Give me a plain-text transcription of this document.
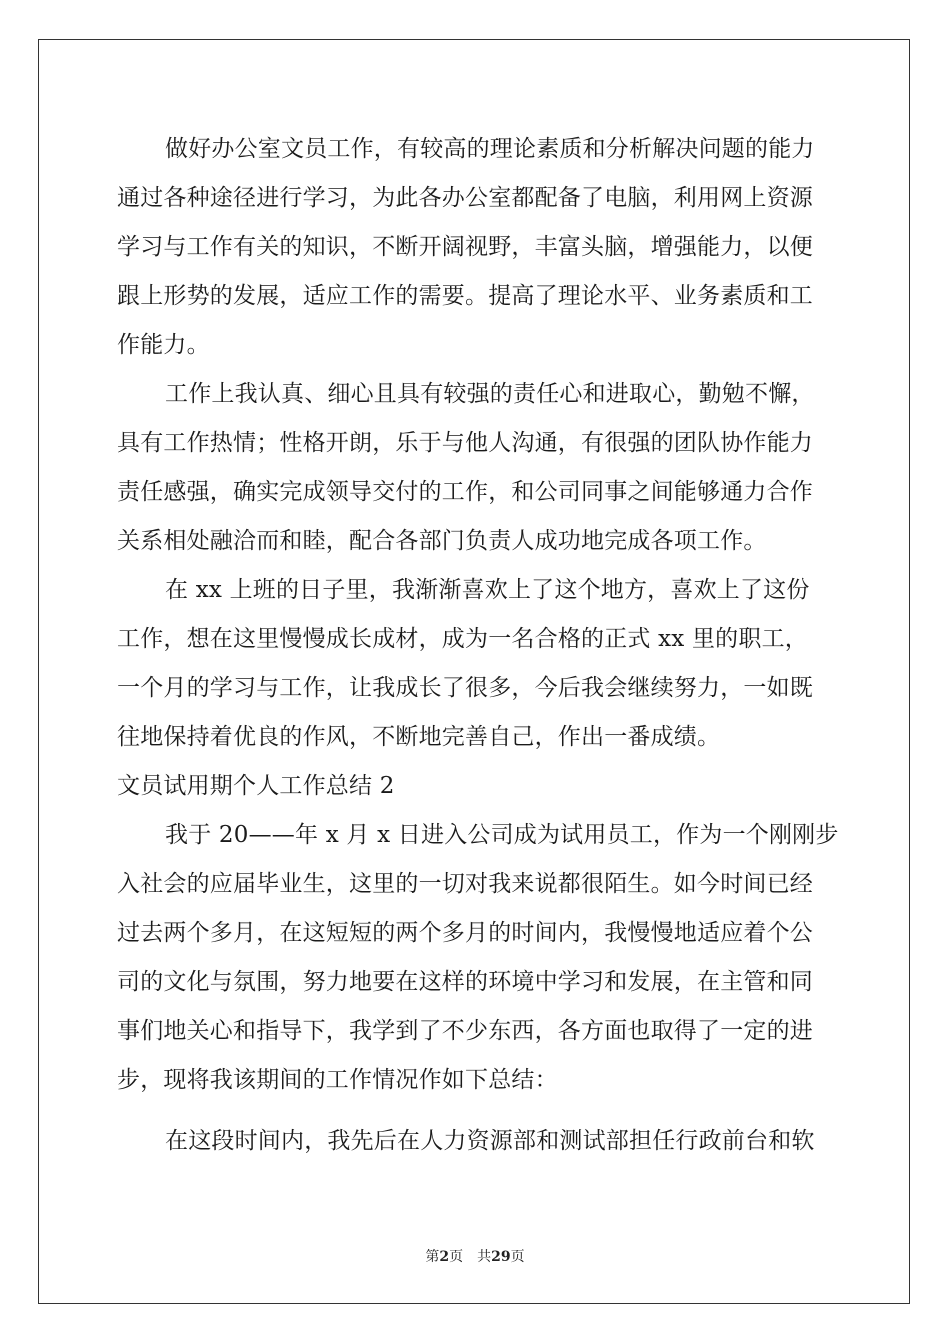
做好办公室文员工作，有较高的理论素质和分析解决问题的能力
通过各种途径进行学习，为此各办公室都配备了电脑，利用网上资源
学习与工作有关的知识，不断开阔视野，丰富头脑，增强能力，以便
跟上形势的发展，适应工作的需要。提高了理论水平、业务素质和工
作能力。
工作上我认真、细心且具有较强的责任心和进取心，勤勉不懈，
具有工作热情；性格开朗，乐于与他人沟通，有很强的团队协作能力
责任感强，确实完成领导交付的工作，和公司同事之间能够通力合作
关系相处融洽而和睦，配合各部门负责人成功地完成各项工作。
在 xx 上班的日子里，我渐渐喜欢上了这个地方，喜欢上了这份
工作，想在这里慢慢成长成材，成为一名合格的正式 xx 里的职工，
一个月的学习与工作，让我成长了很多，今后我会继续努力，一如既
往地保持着优良的作风，不断地完善自己，作出一番成绩。
文员试用期个人工作总结 2
我于 20——年 x 月 x 日进入公司成为试用员工，作为一个刚刚步
入社会的应届毕业生，这里的一切对我来说都很陌生。如今时间已经
过去两个多月，在这短短的两个多月的时间内，我慢慢地适应着个公
司的文化与氛围，努力地要在这样的环境中学习和发展，在主管和同
事们地关心和指导下，我学到了不少东西，各方面也取得了一定的进
步，现将我该期间的工作情况作如下总结：
在这段时间内，我先后在人力资源部和测试部担任行政前台和软
第2页 共29页
